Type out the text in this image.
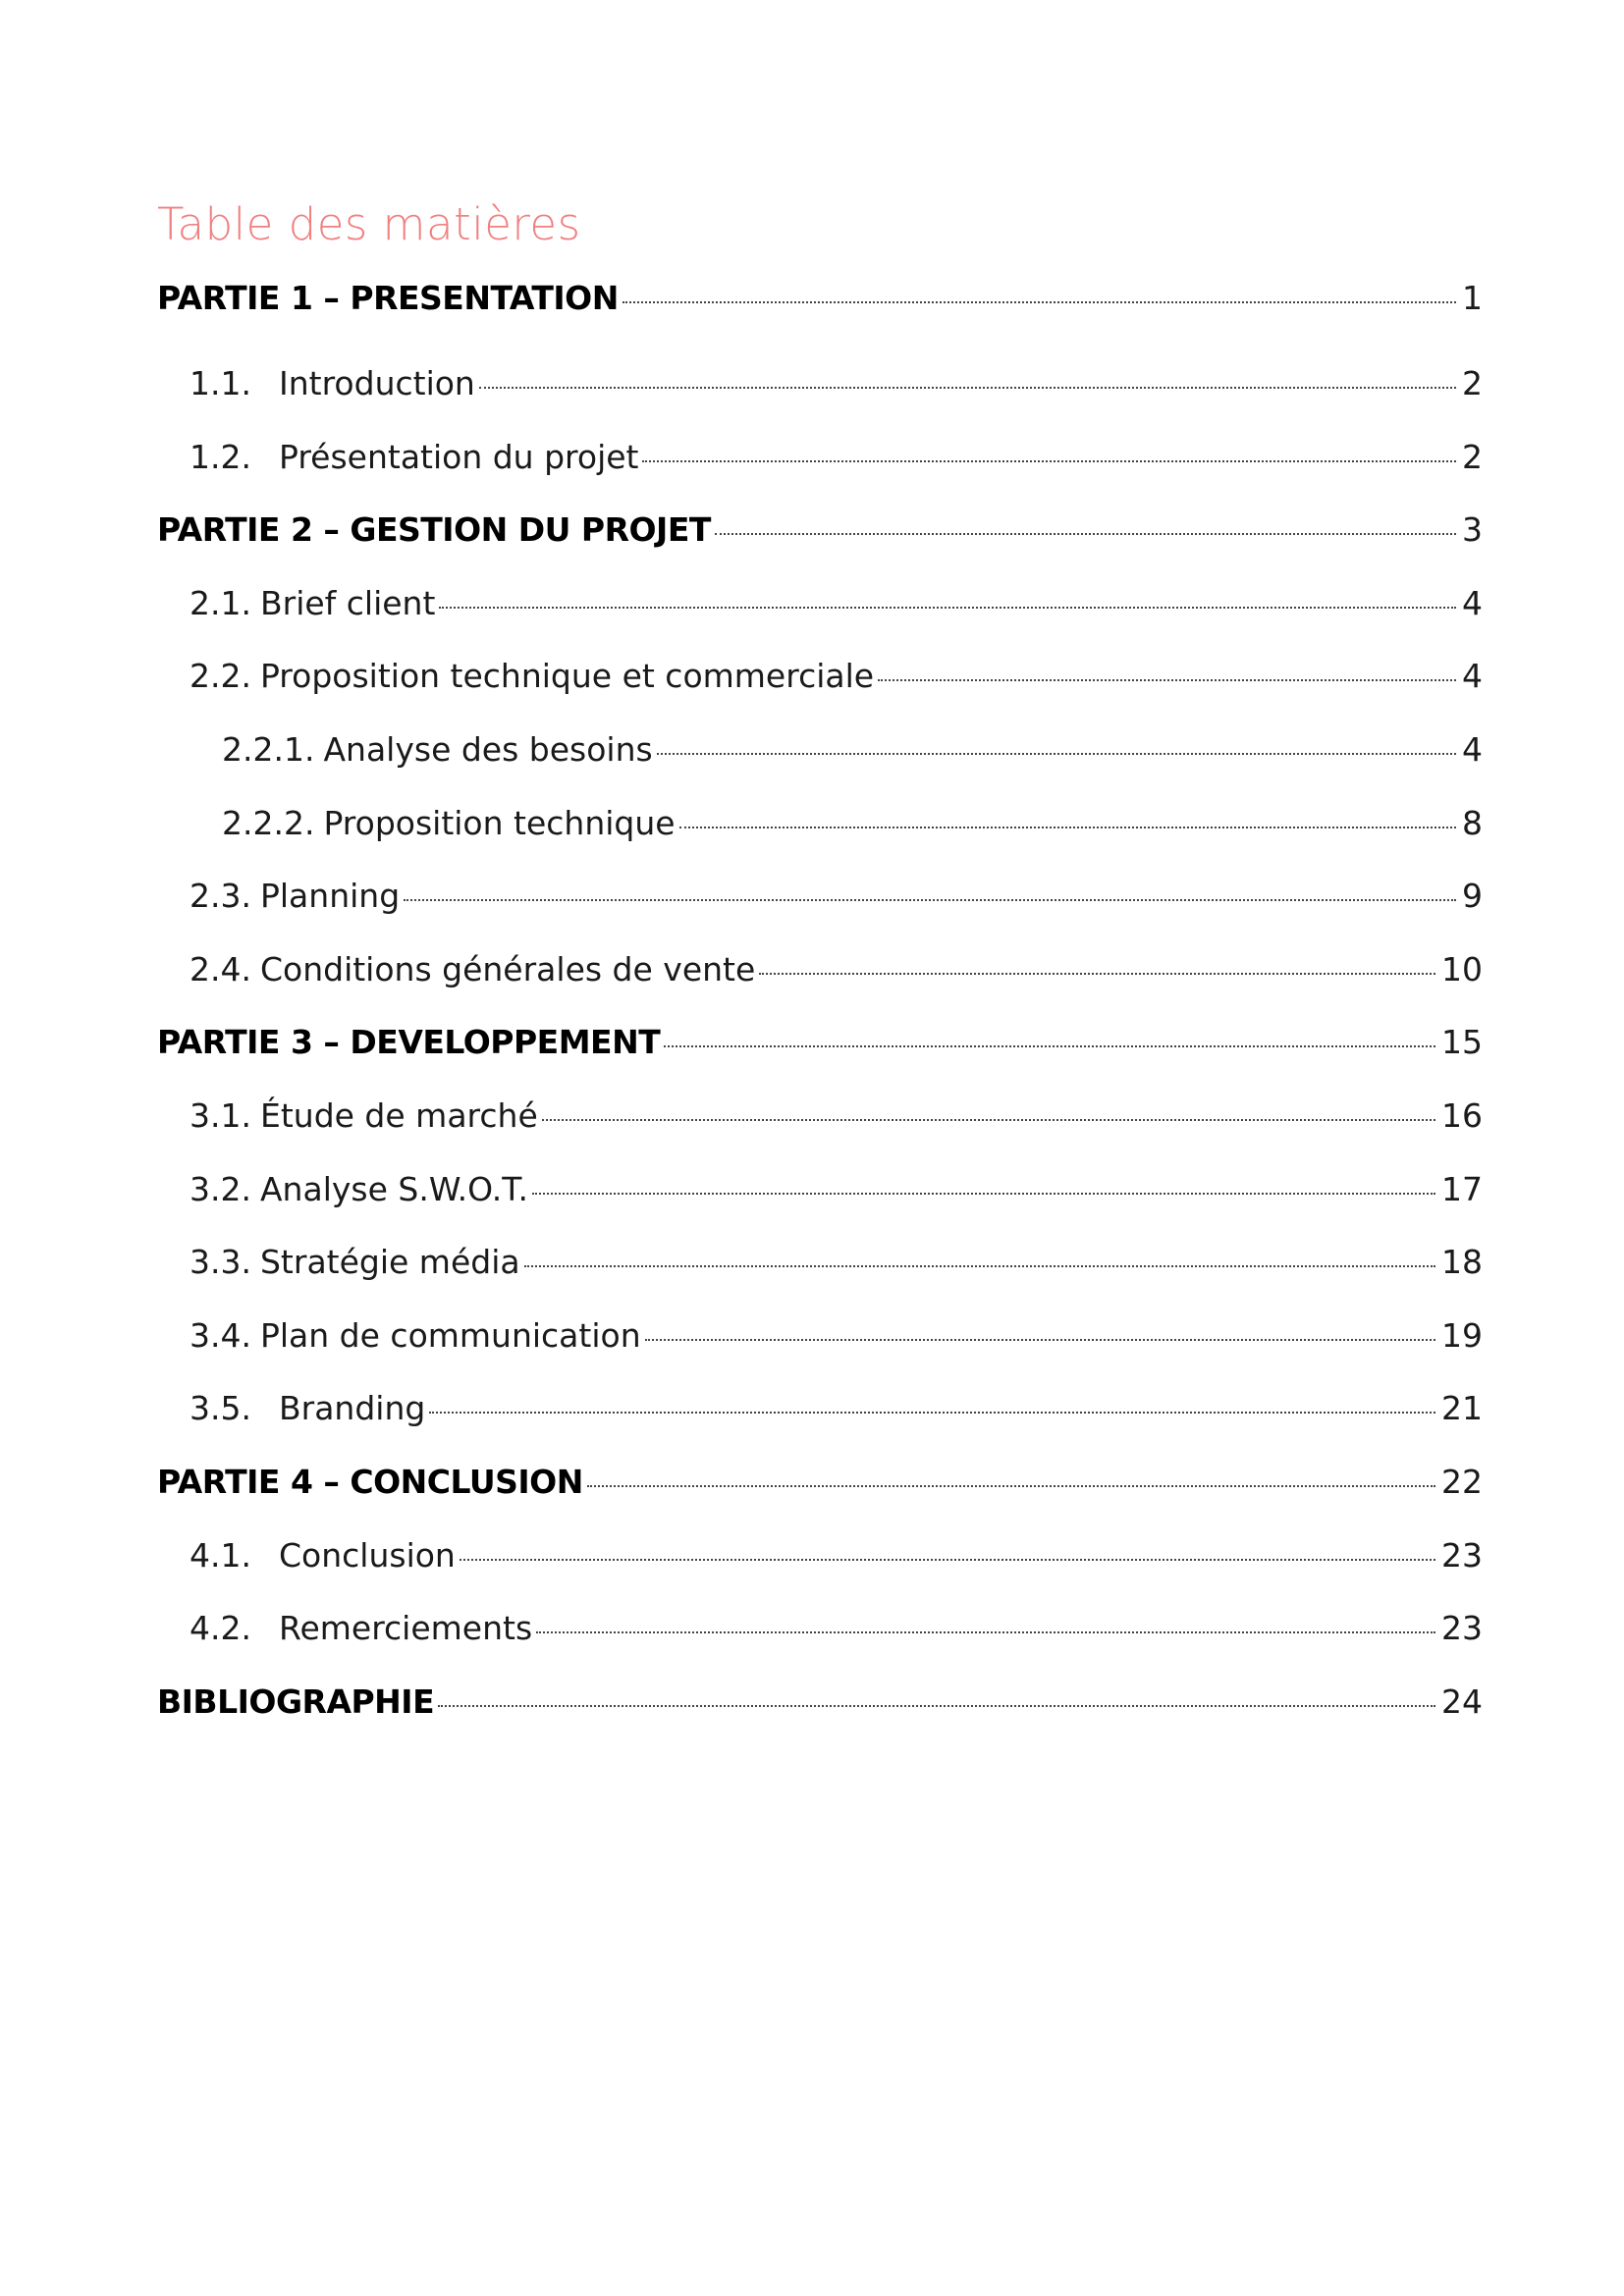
Table des matières
PARTIE 1 – PRESENTATION	1
1.1. Introduction	2
1.2. Présentation du projet	2
PARTIE 2 – GESTION DU PROJET	3
2.1. Brief client	4
2.2. Proposition technique et commerciale	4
2.2.1. Analyse des besoins	4
2.2.2. Proposition technique	8
2.3. Planning	9
2.4. Conditions générales de vente	10
PARTIE 3 – DEVELOPPEMENT	15
3.1. Étude de marché	16
3.2. Analyse S.W.O.T.	17
3.3. Stratégie média	18
3.4. Plan de communication	19
3.5. Branding	21
PARTIE 4 – CONCLUSION	22
4.1. Conclusion	23
4.2. Remerciements	23
BIBLIOGRAPHIE	24
